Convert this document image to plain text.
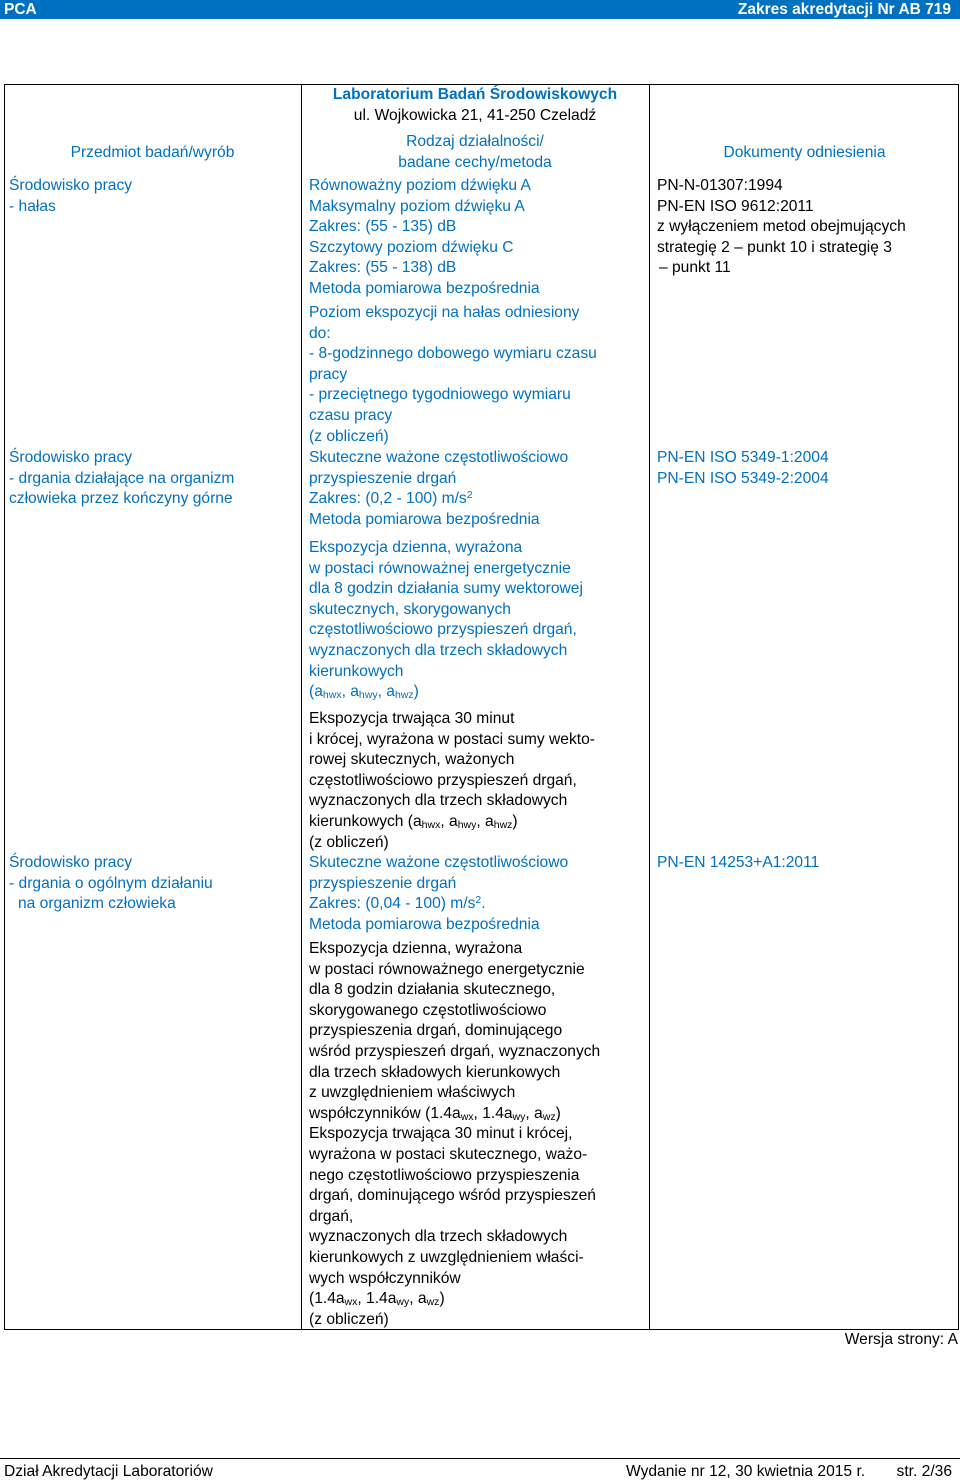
PCA	Zakres akredytacji Nr AB 719
Laboratorium Badań Środowiskowych
ul. Wojkowicka 21, 41-250 Czeladź
Przedmiot badań/wyrób
Rodzaj działalności/
badane cechy/metoda
Dokumenty odniesienia
Środowisko pracy
- hałas
Równoważny poziom dźwięku A
Maksymalny poziom dźwięku A
Zakres: (55 - 135) dB
Szczytowy poziom dźwięku C
Zakres: (55 - 138) dB
Metoda pomiarowa bezpośrednia
Poziom ekspozycji na hałas odniesiony
do:
- 8-godzinnego dobowego wymiaru czasu
pracy
- przeciętnego tygodniowego wymiaru
czasu pracy
(z obliczeń)
PN-N-01307:1994
PN-EN ISO 9612:2011
z wyłączeniem metod obejmujących
strategię 2 – punkt 10 i strategię 3
– punkt 11
Środowisko pracy
- drgania działające na organizm
człowieka przez kończyny górne
Skuteczne ważone częstotliwościowo
przyspieszenie drgań
Zakres: (0,2 - 100) $m/s^2$
Metoda pomiarowa bezpośrednia
Ekspozycja dzienna, wyrażona
w postaci równoważnej energetycznie
dla 8 godzin działania sumy wektorowej
skutecznych, skorygowanych
częstotliwościowo przyspieszeń drgań,
wyznaczonych dla trzech składowych
kierunkowych
($a_{hwx}$, $a_{hwy}$, $a_{hwz}$)
Ekspozycja trwająca 30 minut
i krócej, wyrażona w postaci sumy wekto-
rowej skutecznych, ważonych
częstotliwościowo przyspieszeń drgań,
wyznaczonych dla trzech składowych
kierunkowych ($a_{hwx}$, $a_{hwy}$, $a_{hwz}$)
(z obliczeń)
PN-EN ISO 5349-1:2004
PN-EN ISO 5349-2:2004
Środowisko pracy
- drgania o ogólnym działaniu
na organizm człowieka
Skuteczne ważone częstotliwościowo
przyspieszenie drgań
Zakres: (0,04 - 100) $m/s^2$.
Metoda pomiarowa bezpośrednia
Ekspozycja dzienna, wyrażona
w postaci równoważnego energetycznie
dla 8 godzin działania skutecznego,
skorygowanego częstotliwościowo
przyspieszenia drgań, dominującego
wśród przyspieszeń drgań, wyznaczonych
dla trzech składowych kierunkowych
z uwzględnieniem właściwych
współczynników ($1.4a_{wx}$, $1.4a_{wy}$, $a_{wz}$)
Ekspozycja trwająca 30 minut i krócej,
wyrażona w postaci skutecznego, ważo-
nego częstotliwościowo przyspieszenia
drgań, dominującego wśród przyspieszeń
drgań,
wyznaczonych dla trzech składowych
kierunkowych z uwzględnieniem właści-
wych współczynników
($1.4a_{wx}$, $1.4a_{wy}$, $a_{wz}$)
(z obliczeń)
PN-EN 14253+A1:2011
Wersja strony: A
Dział Akredytacji Laboratoriów	Wydanie nr 12, 30 kwietnia 2015 r. str. 2/36
